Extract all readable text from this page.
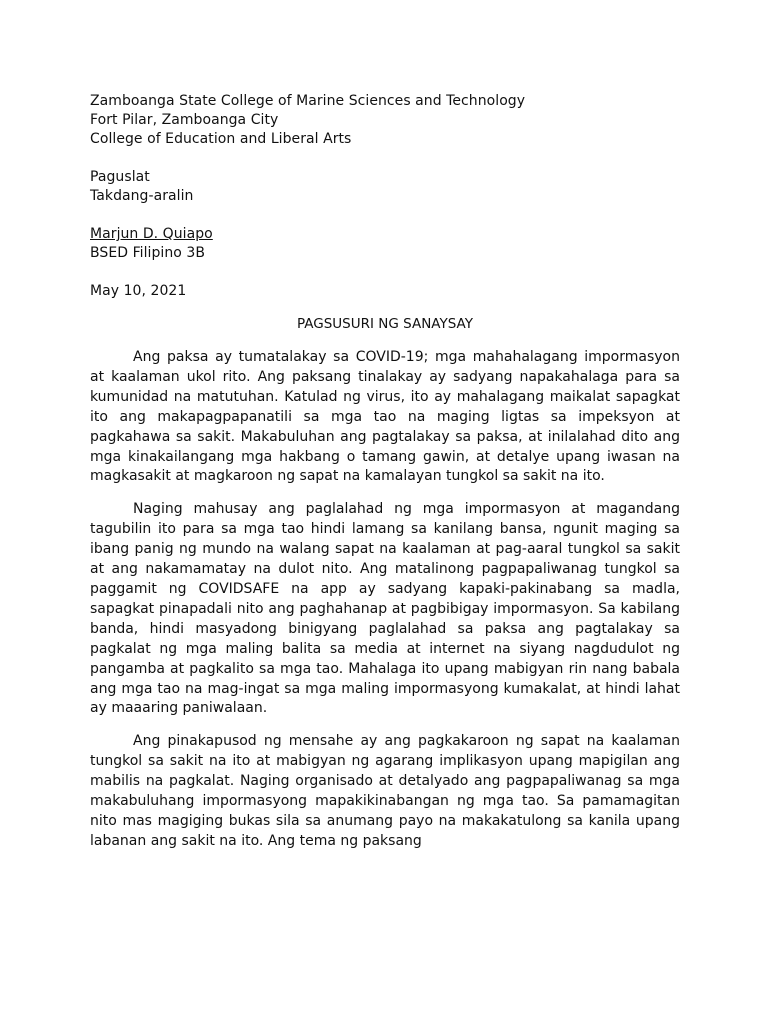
Zamboanga State College of Marine Sciences and Technology
Fort Pilar, Zamboanga City
College of Education and Liberal Arts
Paguslat
Takdang-aralin
Marjun D. Quiapo
BSED Filipino 3B
May 10, 2021
PAGSUSURI NG SANAYSAY

Ang paksa ay tumatalakay sa COVID-19; mga mahahalagang impormasyon at kaalaman ukol rito. Ang paksang tinalakay ay sadyang napakahalaga para sa kumunidad na matutuhan. Katulad ng virus, ito ay mahalagang maikalat sapagkat ito ang makapagpapanatili sa mga tao na maging ligtas sa impeksyon at pagkahawa sa sakit. Makabuluhan ang pagtalakay sa paksa, at inilalahad dito ang mga kinakailangang mga hakbang o tamang gawin, at detalye upang iwasan na magkasakit at magkaroon ng sapat na kamalayan tungkol sa sakit na ito.

Naging mahusay ang paglalahad ng mga impormasyon at magandang tagubilin ito para sa mga tao hindi lamang sa kanilang bansa, ngunit maging sa ibang panig ng mundo na walang sapat na kaalaman at pag-aaral tungkol sa sakit at ang nakamamatay na dulot nito. Ang matalinong pagpapaliwanag tungkol sa paggamit ng COVIDSAFE na app ay sadyang kapaki-pakinabang sa madla, sapagkat pinapadali nito ang paghahanap at pagbibigay impormasyon. Sa kabilang banda, hindi masyadong binigyang paglalahad sa paksa ang pagtalakay sa pagkalat ng mga maling balita sa media at internet na siyang nagdudulot ng pangamba at pagkalito sa mga tao. Mahalaga ito upang mabigyan rin nang babala ang mga tao na mag-ingat sa mga maling impormasyong kumakalat, at hindi lahat ay maaaring paniwalaan.

Ang pinakapusod ng mensahe ay ang pagkakaroon ng sapat na kaalaman tungkol sa sakit na ito at mabigyan ng agarang implikasyon upang mapigilan ang mabilis na pagkalat. Naging organisado at detalyado ang pagpapaliwanag sa mga makabuluhang impormasyong mapakikinabangan ng mga tao. Sa pamamagitan nito mas magiging bukas sila sa anumang payo na makakatulong sa kanila upang labanan ang sakit na ito. Ang tema ng paksang
